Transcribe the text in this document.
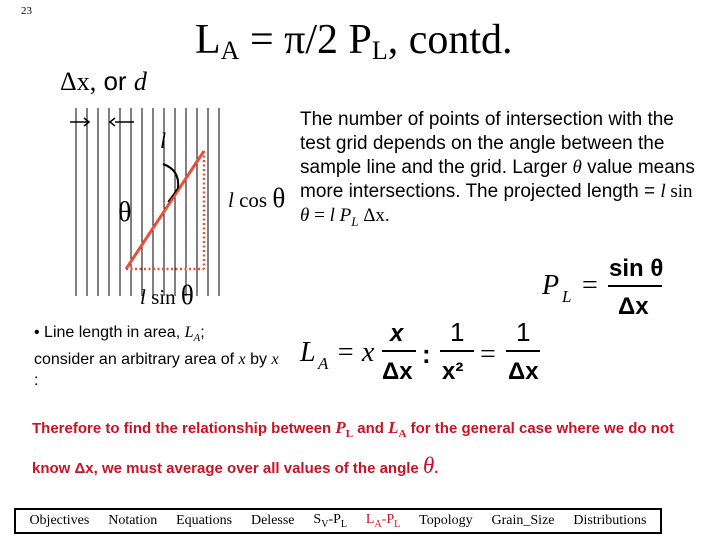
23
$L_A = \pi/2$ $P_L$, contd.
Δx, or d
l
θ	l cos θ
l sin θ
The number of points of intersection with the test grid depends on the angle between the sample line and the grid. Larger θ value means more intersections. The projected length = l sin θ = l $P_L$ Δx.
P L =
sin θ
Δx
• Line length in area, $L_A$;
consider an arbitrary area of x by x :
L A = x
x
Δx
:
1
x²
=
1
Δx
Therefore to find the relationship between $P_L$ and $L_A$ for the general case where we do not know Δx, we must average over all values of the angle θ.
Objectives Notation Equations Delesse $S_V-P_L$ $L_A-P_L$ Topology Grain_Size Distributions
